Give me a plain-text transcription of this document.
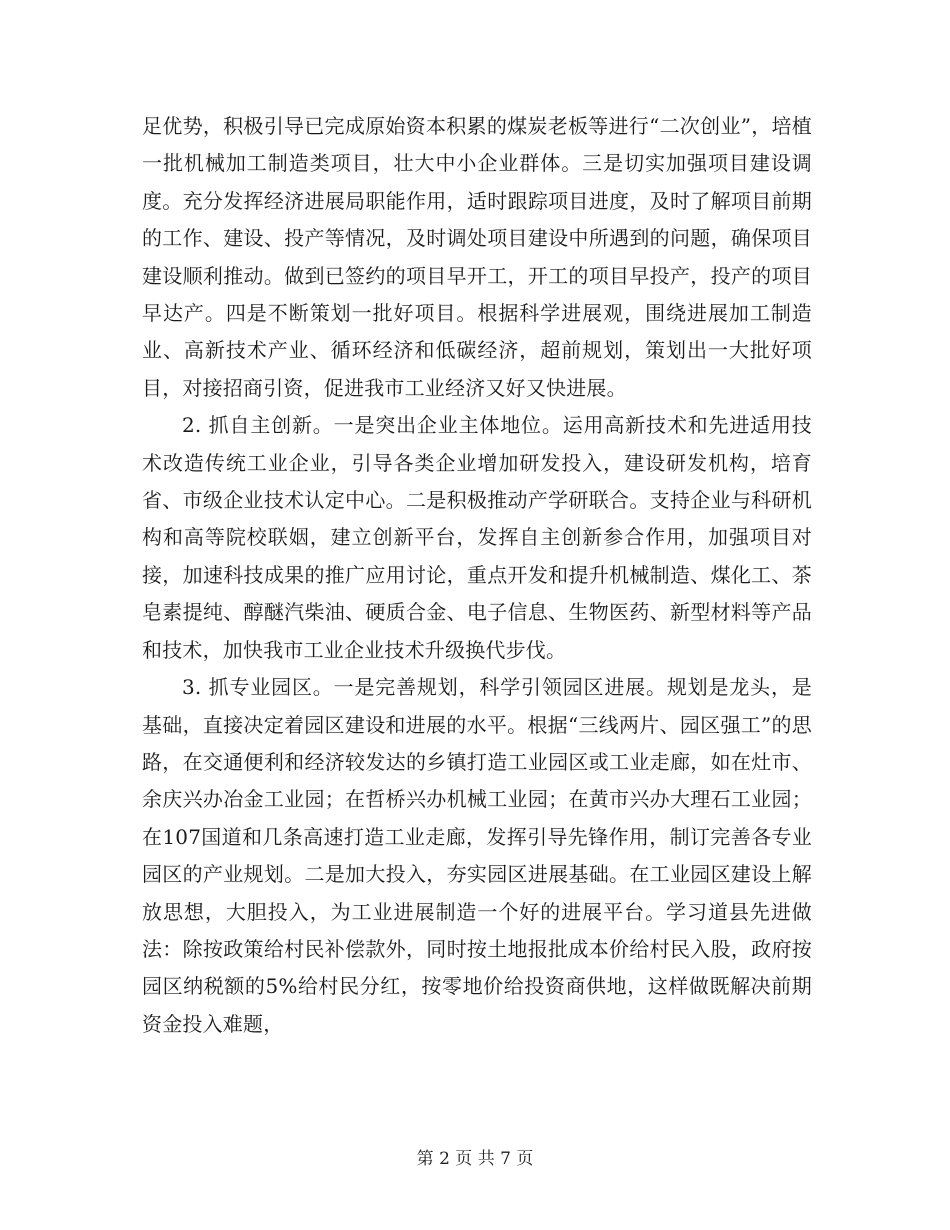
足优势，积极引导已完成原始资本积累的煤炭老板等进行“二次创业”，培植一批机械加工制造类项目，壮大中小企业群体。三是切实加强项目建设调度。充分发挥经济进展局职能作用，适时跟踪项目进度，及时了解项目前期的工作、建设、投产等情况，及时调处项目建设中所遇到的问题，确保项目建设顺利推动。做到已签约的项目早开工，开工的项目早投产，投产的项目早达产。四是不断策划一批好项目。根据科学进展观，围绕进展加工制造业、高新技术产业、循环经济和低碳经济，超前规划，策划出一大批好项目，对接招商引资，促进我市工业经济又好又快进展。

2. 抓自主创新。一是突出企业主体地位。运用高新技术和先进适用技术改造传统工业企业，引导各类企业增加研发投入，建设研发机构，培育省、市级企业技术认定中心。二是积极推动产学研联合。支持企业与科研机构和高等院校联姻，建立创新平台，发挥自主创新参合作用，加强项目对接，加速科技成果的推广应用讨论，重点开发和提升机械制造、煤化工、茶皂素提纯、醇醚汽柴油、硬质合金、电子信息、生物医药、新型材料等产品和技术，加快我市工业企业技术升级换代步伐。

3. 抓专业园区。一是完善规划，科学引领园区进展。规划是龙头，是基础，直接决定着园区建设和进展的水平。根据“三线两片、园区强工”的思路，在交通便利和经济较发达的乡镇打造工业园区或工业走廊，如在灶市、余庆兴办冶金工业园；在哲桥兴办机械工业园；在黄市兴办大理石工业园；在107国道和几条高速打造工业走廊，发挥引导先锋作用，制订完善各专业园区的产业规划。二是加大投入，夯实园区进展基础。在工业园区建设上解放思想，大胆投入，为工业进展制造一个好的进展平台。学习道县先进做法：除按政策给村民补偿款外，同时按土地报批成本价给村民入股，政府按园区纳税额的5%给村民分红，按零地价给投资商供地，这样做既解决前期资金投入难题，

第 2 页 共 7 页
